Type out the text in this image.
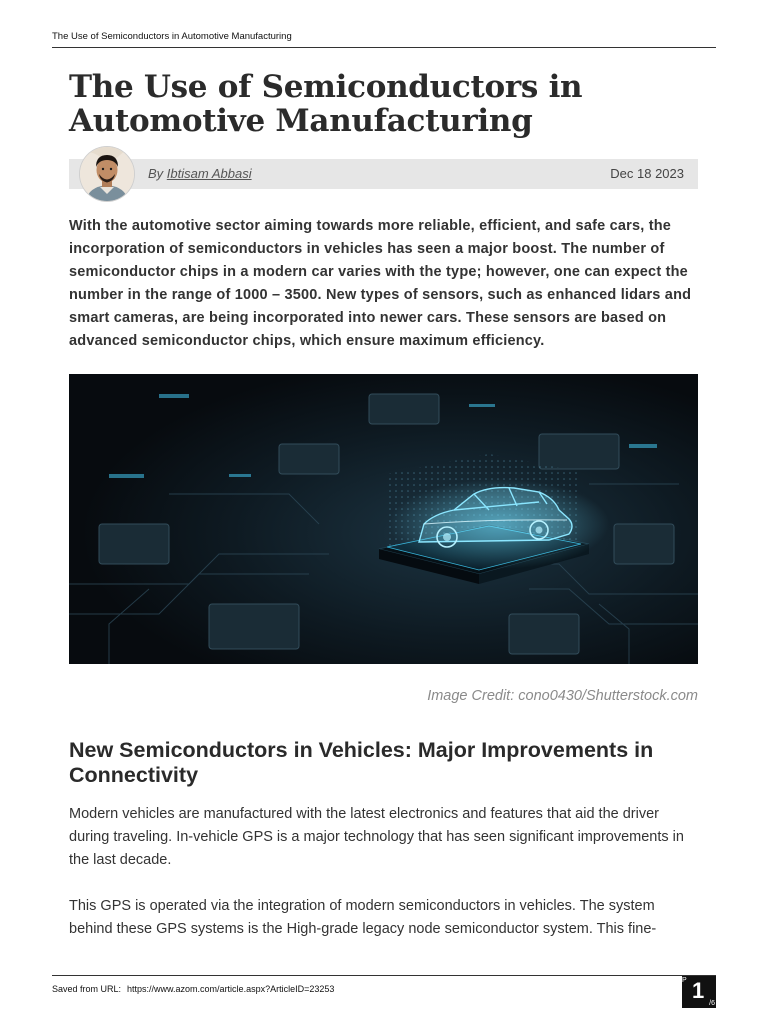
The Use of Semiconductors in Automotive Manufacturing
The Use of Semiconductors in Automotive Manufacturing
By Ibtisam Abbasi	Dec 18 2023

With the automotive sector aiming towards more reliable, efficient, and safe cars, the incorporation of semiconductors in vehicles has seen a major boost. The number of semiconductor chips in a modern car varies with the type; however, one can expect the number in the range of 1000 – 3500. New types of sensors, such as enhanced lidars and smart cameras, are being incorporated into newer cars. These sensors are based on advanced semiconductor chips, which ensure maximum efficiency.

Image Credit: cono0430/Shutterstock.com
New Semiconductors in Vehicles: Major Improvements in Connectivity

Modern vehicles are manufactured with the latest electronics and features that aid the driver during traveling. In-vehicle GPS is a major technology that has seen significant improvements in the last decade.

This GPS is operated via the integration of modern semiconductors in vehicles. The system
behind these GPS systems is the High-grade legacy node semiconductor system. This fine-

Saved from URL: https://www.azom.com/article.aspx?ArticleID=23253
P 1
/6
